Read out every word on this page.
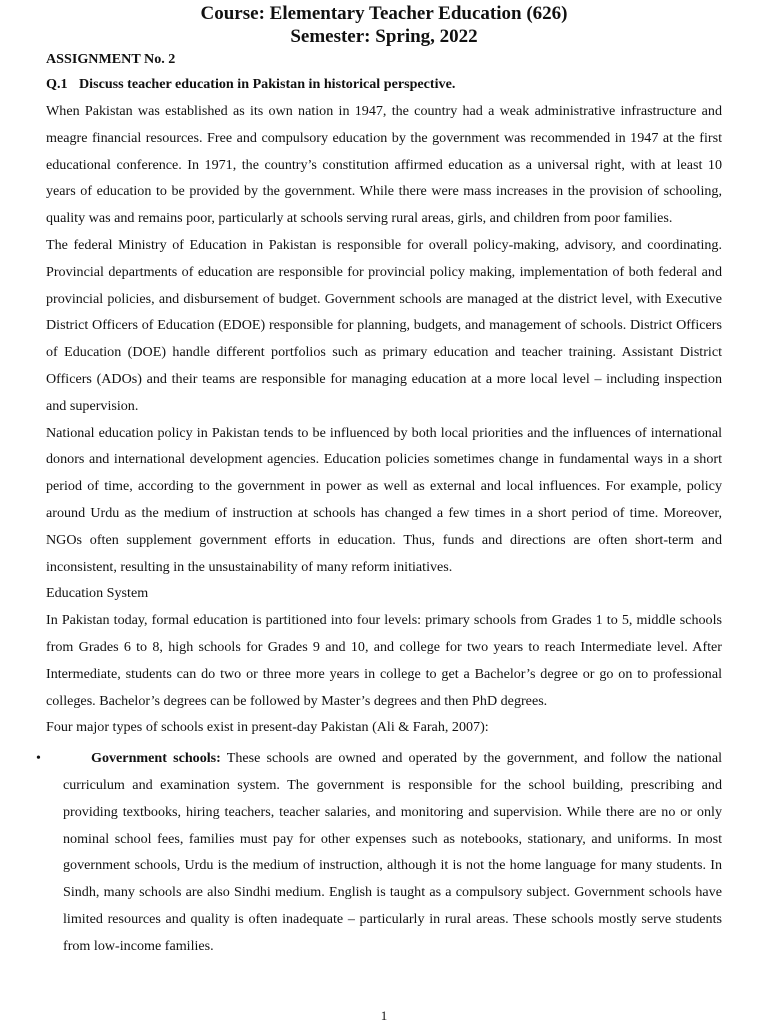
Course: Elementary Teacher Education (626)
Semester: Spring, 2022
ASSIGNMENT No. 2
Q.1 Discuss teacher education in Pakistan in historical perspective.

When Pakistan was established as its own nation in 1947, the country had a weak administrative infrastructure and meagre financial resources. Free and compulsory education by the government was recommended in 1947 at the first educational conference. In 1971, the country’s constitution affirmed education as a universal right, with at least 10 years of education to be provided by the government. While there were mass increases in the provision of schooling, quality was and remains poor, particularly at schools serving rural areas, girls, and children from poor families.

The federal Ministry of Education in Pakistan is responsible for overall policy-making, advisory, and coordinating. Provincial departments of education are responsible for provincial policy making, implementation of both federal and provincial policies, and disbursement of budget. Government schools are managed at the district level, with Executive District Officers of Education (EDOE) responsible for planning, budgets, and management of schools. District Officers of Education (DOE) handle different portfolios such as primary education and teacher training. Assistant District Officers (ADOs) and their teams are responsible for managing education at a more local level – including inspection and supervision.

National education policy in Pakistan tends to be influenced by both local priorities and the influences of international donors and international development agencies. Education policies sometimes change in fundamental ways in a short period of time, according to the government in power as well as external and local influences. For example, policy around Urdu as the medium of instruction at schools has changed a few times in a short period of time. Moreover, NGOs often supplement government efforts in education. Thus, funds and directions are often short-term and inconsistent, resulting in the unsustainability of many reform initiatives.

Education System

In Pakistan today, formal education is partitioned into four levels: primary schools from Grades 1 to 5, middle schools from Grades 6 to 8, high schools for Grades 9 and 10, and college for two years to reach Intermediate level. After Intermediate, students can do two or three more years in college to get a Bachelor’s degree or go on to professional colleges. Bachelor’s degrees can be followed by Master’s degrees and then PhD degrees.

Four major types of schools exist in present-day Pakistan (Ali & Farah, 2007):

•	Government schools: These schools are owned and operated by the government, and follow the national curriculum and examination system. The government is responsible for the school building, prescribing and providing textbooks, hiring teachers, teacher salaries, and monitoring and supervision. While there are no or only nominal school fees, families must pay for other expenses such as notebooks, stationary, and uniforms. In most government schools, Urdu is the medium of instruction, although it is not the home language for many students. In Sindh, many schools are also Sindhi medium. English is taught as a compulsory subject. Government schools have limited resources and quality is often inadequate – particularly in rural areas. These schools mostly serve students from low-income families.

1
